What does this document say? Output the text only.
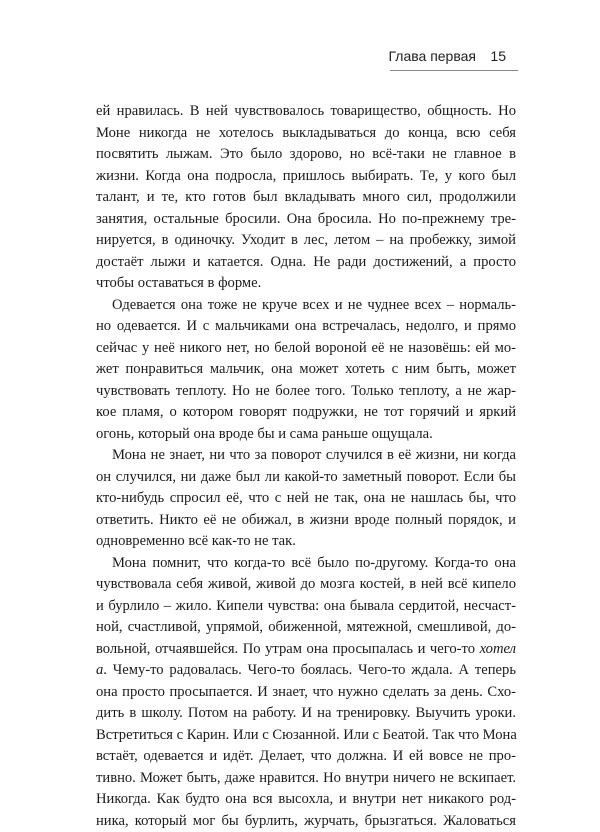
Глава первая 15

ей нравилась. В ней чувствовалось товарищество, общность. Но
Моне никогда не хотелось выкладываться до конца, всю себя
посвятить лыжам. Это было здорово, но всё-таки не главное в
жизни. Когда она подросла, пришлось выбирать. Те, у кого был
талант, и те, кто готов был вкладывать много сил, продолжили
занятия, остальные бросили. Она бросила. Но по-прежнему тре-
нируется, в одиночку. Уходит в лес, летом – на пробежку, зимой
достаёт лыжи и катается. Одна. Не ради достижений, а просто
чтобы оставаться в форме.

Одевается она тоже не круче всех и не чуднее всех – нормаль-
но одевается. И с мальчиками она встречалась, недолго, и прямо
сейчас у неё никого нет, но белой вороной её не назовёшь: ей мо-
жет понравиться мальчик, она может хотеть с ним быть, может
чувствовать теплоту. Но не более того. Только теплоту, а не жар-
кое пламя, о котором говорят подружки, не тот горячий и яркий
огонь, который она вроде бы и сама раньше ощущала.

Мона не знает, ни что за поворот случился в её жизни, ни когда
он случился, ни даже был ли какой-то заметный поворот. Если бы
кто-нибудь спросил её, что с ней не так, она не нашлась бы, что
ответить. Никто её не обижал, в жизни вроде полный порядок, и
одновременно всё как-то не так.

Мона помнит, что когда-то всё было по-другому. Когда-то она
чувствовала себя живой, живой до мозга костей, в ней всё кипело
и бурлило – жило. Кипели чувства: она бывала сердитой, несчаст-
ной, счастливой, упрямой, обиженной, мятежной, смешливой, до-
вольной, отчаявшейся. По утрам она просыпалась и чего-то хотел
а. Чему-то радовалась. Чего-то боялась. Чего-то ждала. А теперь
она просто просыпается. И знает, что нужно сделать за день. Схо-
дить в школу. Потом на работу. И на тренировку. Выучить уроки.
Встретиться с Карин. Или с Сюзанной. Или с Беатой. Так что Мона
встаёт, одевается и идёт. Делает, что должна. И ей вовсе не про-
тивно. Может быть, даже нравится. Но внутри ничего не вскипает.
Никогда. Как будто она вся высохла, и внутри нет никакого род-
ника, который мог бы бурлить, журчать, брызгаться. Жаловаться
